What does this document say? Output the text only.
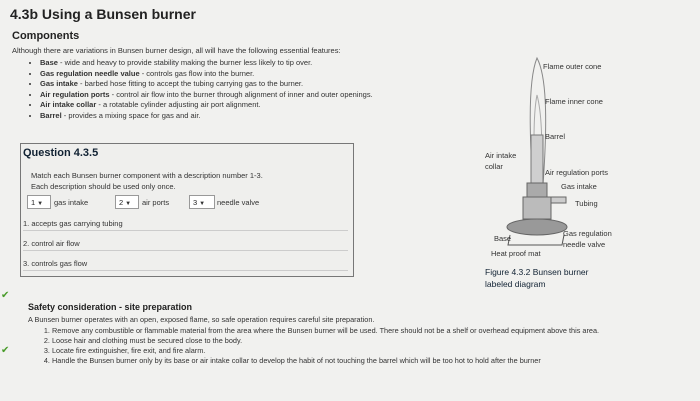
4.3b Using a Bunsen burner
Components
Although there are variations in Bunsen burner design, all will have the following essential features:
• Base - wide and heavy to provide stability making the burner less likely to tip over.
• Gas regulation needle value - controls gas flow into the burner.
• Gas intake - barbed hose fitting to accept the tubing carrying gas to the burner.
• Air regulation ports - control air flow into the burner through alignment of inner and outer openings.
• Air intake collar - a rotatable cylinder adjusting air port alignment.
• Barrel - provides a mixing space for gas and air.
✔
✔
Question 4.3.5
Match each Bunsen burner component with a description number 1-3.
Each description should be used only once.
1 ▼	gas intake	2 ▼	air ports	3 ▼	needle valve
1. accepts gas carrying tubing
2. control air flow
3. controls gas flow
Flame outer cone
Flame inner cone
Barrel
Air intake
collar
Air regulation ports
Gas intake
Tubing
Gas regulation
needle valve
Base
Heat proof mat
Figure 4.3.2 Bunsen burner
labeled diagram
Safety consideration - site preparation
A Bunsen burner operates with an open, exposed flame, so safe operation requires careful site preparation.
1. Remove any combustible or flammable material from the area where the Bunsen burner will be used. There should not be a shelf or overhead equipment above this area.
2. Loose hair and clothing must be secured close to the body.
3. Locate fire extinguisher, fire exit, and fire alarm.
4. Handle the Bunsen burner only by its base or air intake collar to develop the habit of not touching the barrel which will be too hot to hold after the burner
